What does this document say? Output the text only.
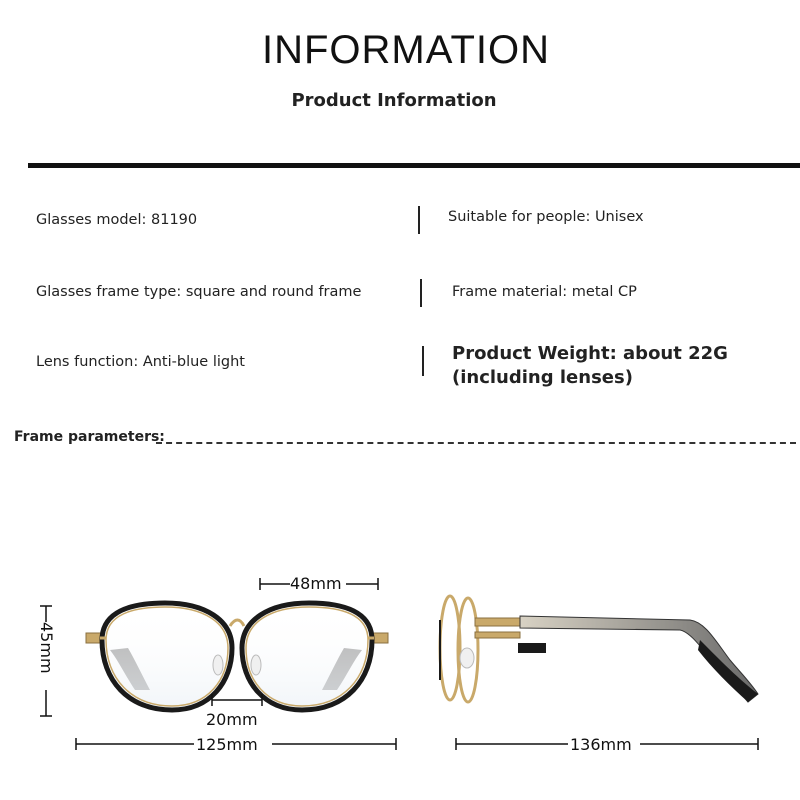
INFORMATION
Product Information
Glasses model: 81190	Suitable for people: Unisex
Glasses frame type: square and round frame	Frame material: metal CP
Lens function: Anti-blue light	Product Weight: about 22G (including lenses)
Frame parameters:
48mm
45mm
20mm
125mm	136mm
